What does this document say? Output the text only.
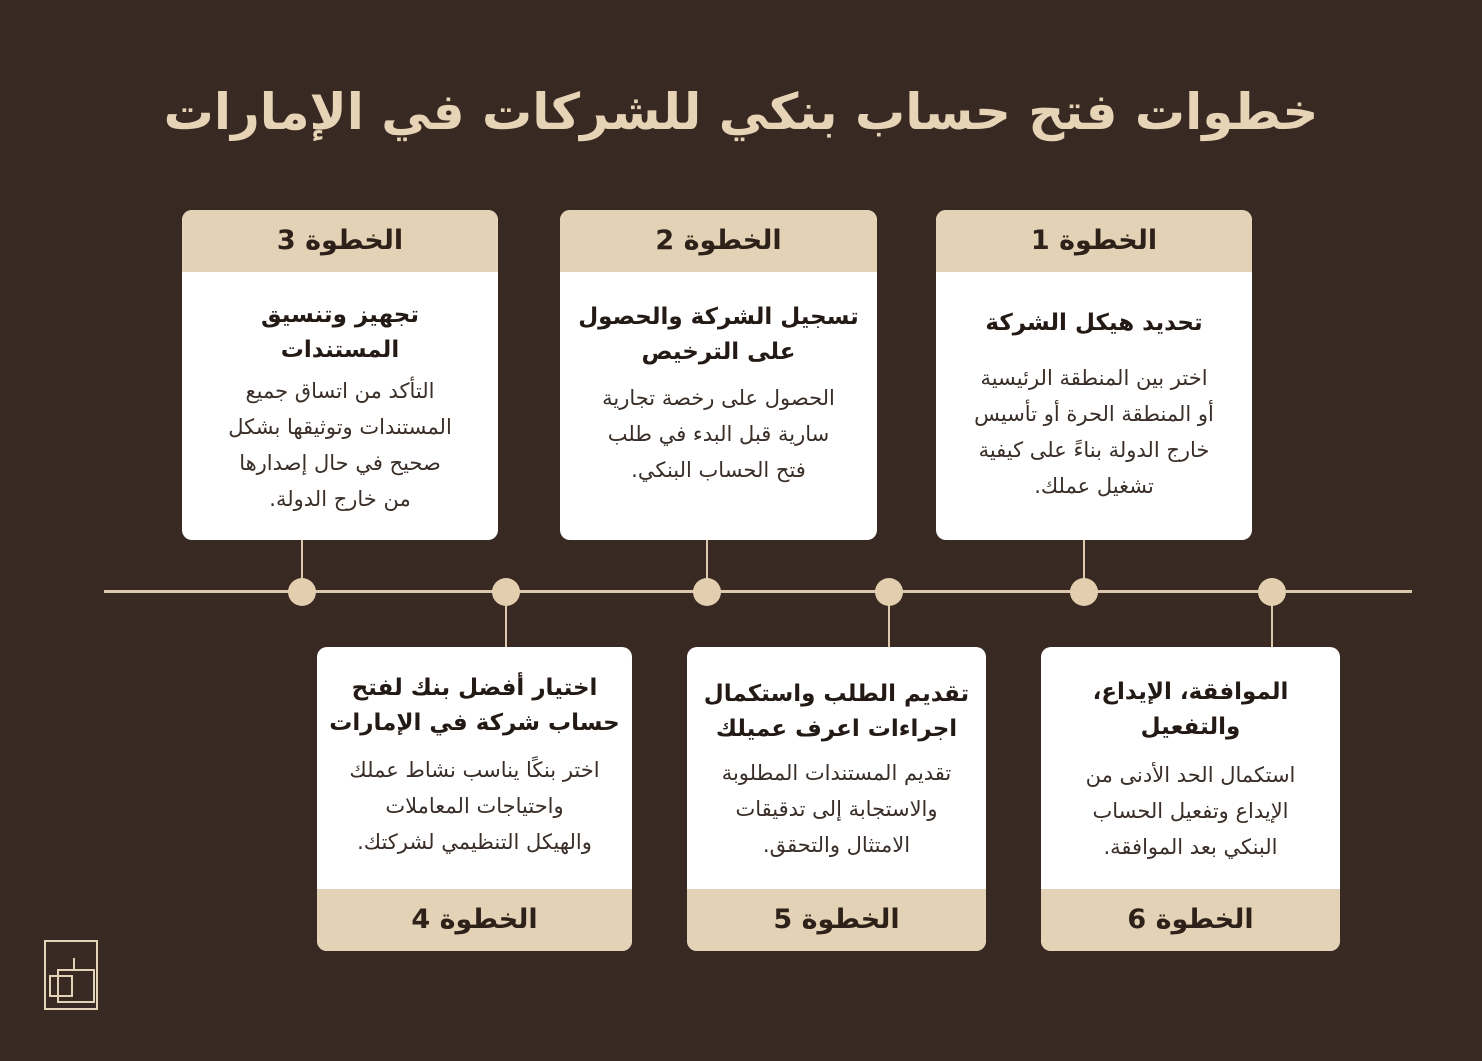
خطوات فتح حساب بنكي للشركات في الإمارات
الخطوة 1
تحديد هيكل الشركة
اختر بين المنطقة الرئيسية
أو المنطقة الحرة أو تأسيس
خارج الدولة بناءً على كيفية
تشغيل عملك.
الخطوة 2
تسجيل الشركة والحصول
على الترخيص
الحصول على رخصة تجارية
سارية قبل البدء في طلب
فتح الحساب البنكي.
الخطوة 3
تجهيز وتنسيق
المستندات
التأكد من اتساق جميع
المستندات وتوثيقها بشكل
صحيح في حال إصدارها
من خارج الدولة.
اختيار أفضل بنك لفتح
حساب شركة في الإمارات
اختر بنكًا يناسب نشاط عملك
واحتياجات المعاملات
والهيكل التنظيمي لشركتك.
الخطوة 4
تقديم الطلب واستكمال
اجراءات اعرف عميلك
تقديم المستندات المطلوبة
والاستجابة إلى تدقيقات
الامتثال والتحقق.
الخطوة 5
الموافقة، الإيداع،
والتفعيل
استكمال الحد الأدنى من
الإيداع وتفعيل الحساب
البنكي بعد الموافقة.
الخطوة 6
